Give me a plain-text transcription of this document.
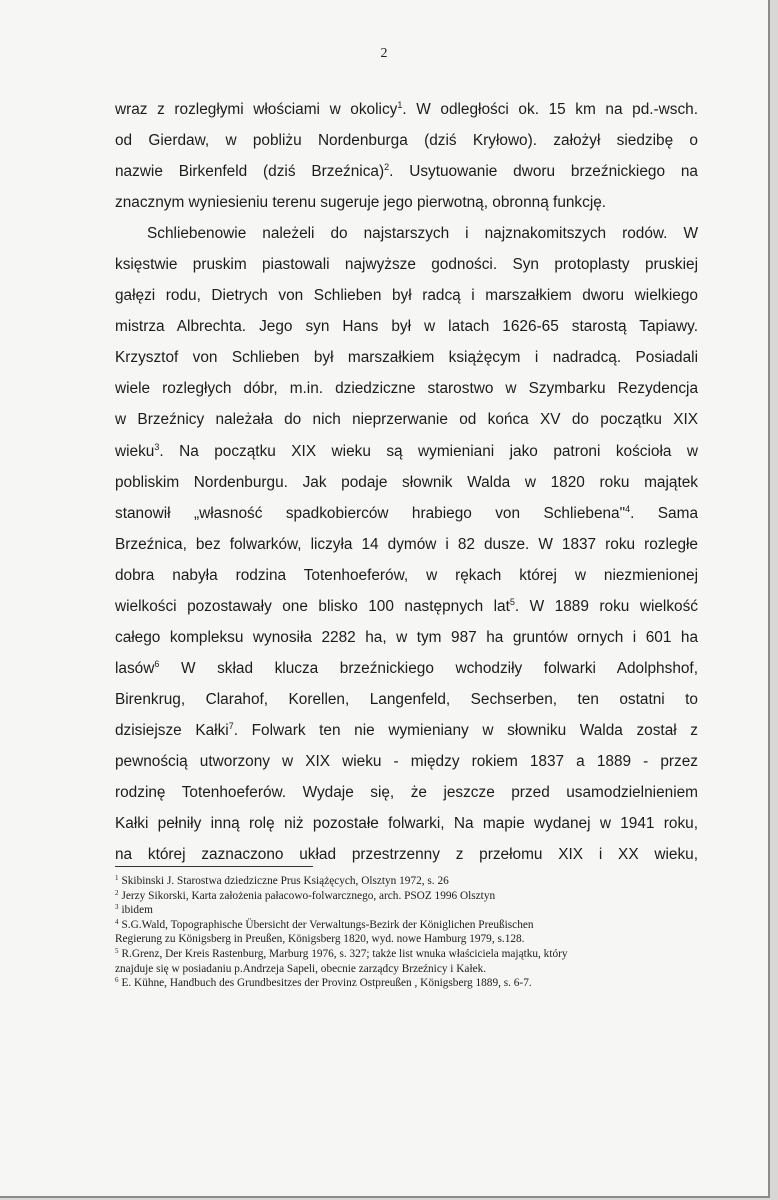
2

wraz z rozległymi włościami w okolicy$^1$. W odległości ok. 15 km na pd.-wsch.

od Gierdaw, w pobliżu Nordenburga (dziś Kryłowo). założył siedzibę o

nazwie Birkenfeld (dziś Brzeźnica)$^2$. Usytuowanie dworu brzeźnickiego na

znacznym wyniesieniu terenu sugeruje jego pierwotną, obronną funkcję.

Schliebenowie należeli do najstarszych i najznakomitszych rodów. W

księstwie pruskim piastowali najwyższe godności. Syn protoplasty pruskiej

gałęzi rodu, Dietrych von Schlieben był radcą i marszałkiem dworu wielkiego

mistrza Albrechta. Jego syn Hans był w latach 1626-65 starostą Tapiawy.

Krzysztof von Schlieben był marszałkiem książęcym i nadradcą. Posiadali

wiele rozległych dóbr, m.in. dziedziczne starostwo w Szymbarku Rezydencja

w Brzeźnicy należała do nich nieprzerwanie od końca XV do początku XIX

wieku$^3$. Na początku XIX wieku są wymieniani jako patroni kościoła w

pobliskim Nordenburgu. Jak podaje słownik Walda w 1820 roku majątek

stanowił „własność spadkobierców hrabiego von Schliebena"$^4$. Sama

Brzeźnica, bez folwarków, liczyła 14 dymów i 82 dusze. W 1837 roku rozległe

dobra nabyła rodzina Totenhoeferów, w rękach której w niezmienionej

wielkości pozostawały one blisko 100 następnych lat$^5$. W 1889 roku wielkość

całego kompleksu wynosiła 2282 ha, w tym 987 ha gruntów ornych i 601 ha

lasów$^6$ W skład klucza brzeźnickiego wchodziły folwarki Adolphshof,

Birenkrug, Clarahof, Korellen, Langenfeld, Sechserben, ten ostatni to

dzisiejsze Kałki$^7$. Folwark ten nie wymieniany w słowniku Walda został z

pewnością utworzony w XIX wieku - między rokiem 1837 a 1889 - przez

rodzinę Totenhoeferów. Wydaje się, że jeszcze przed usamodzielnieniem

Kałki pełniły inną rolę niż pozostałe folwarki, Na mapie wydanej w 1941 roku,

na której zaznaczono układ przestrzenny z przełomu XIX i XX wieku,

$^1$ Skibinski J. Starostwa dziedziczne Prus Książęcych, Olsztyn 1972, s. 26

$^2$ Jerzy Sikorski, Karta założenia pałacowo-folwarcznego, arch. PSOZ 1996 Olsztyn

$^3$ ibidem

$^4$ S.G.Wald, Topographische Übersicht der Verwaltungs-Bezirk der Königlichen Preußischen

Regierung zu Königsberg in Preußen, Königsberg 1820, wyd. nowe Hamburg 1979, s.128.

$^5$ R.Grenz, Der Kreis Rastenburg, Marburg 1976, s. 327; także list wnuka właściciela majątku, który

znajduje się w posiadaniu p.Andrzeja Sapeli, obecnie zarządcy Brzeźnicy i Kałek.

$^6$ E. Kühne, Handbuch des Grundbesitzes der Provinz Ostpreußen , Königsberg 1889, s. 6-7.
